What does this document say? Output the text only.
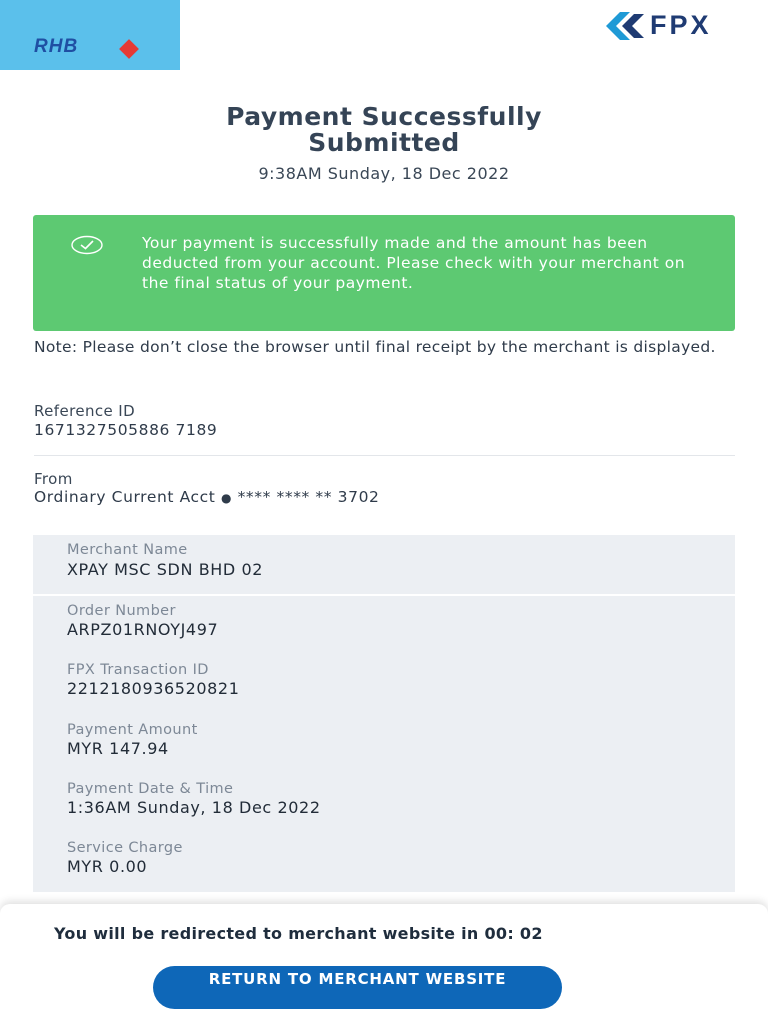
RHB
FPX
Payment Successfully Submitted
9:38AM Sunday, 18 Dec 2022
Your payment is successfully made and the amount has been deducted from your account. Please check with your merchant on the final status of your payment.
Note: Please don’t close the browser until final receipt by the merchant is displayed.
Reference ID
1671327505886 7189
From
Ordinary Current Acct ● **** **** ** 3702
Merchant Name
XPAY MSC SDN BHD 02
Order Number
ARPZ01RNOYJ497
FPX Transaction ID
2212180936520821
Payment Amount
MYR 147.94
Payment Date & Time
1:36AM Sunday, 18 Dec 2022
Service Charge
MYR 0.00
You will be redirected to merchant website in 00: 02
RETURN TO MERCHANT WEBSITE
